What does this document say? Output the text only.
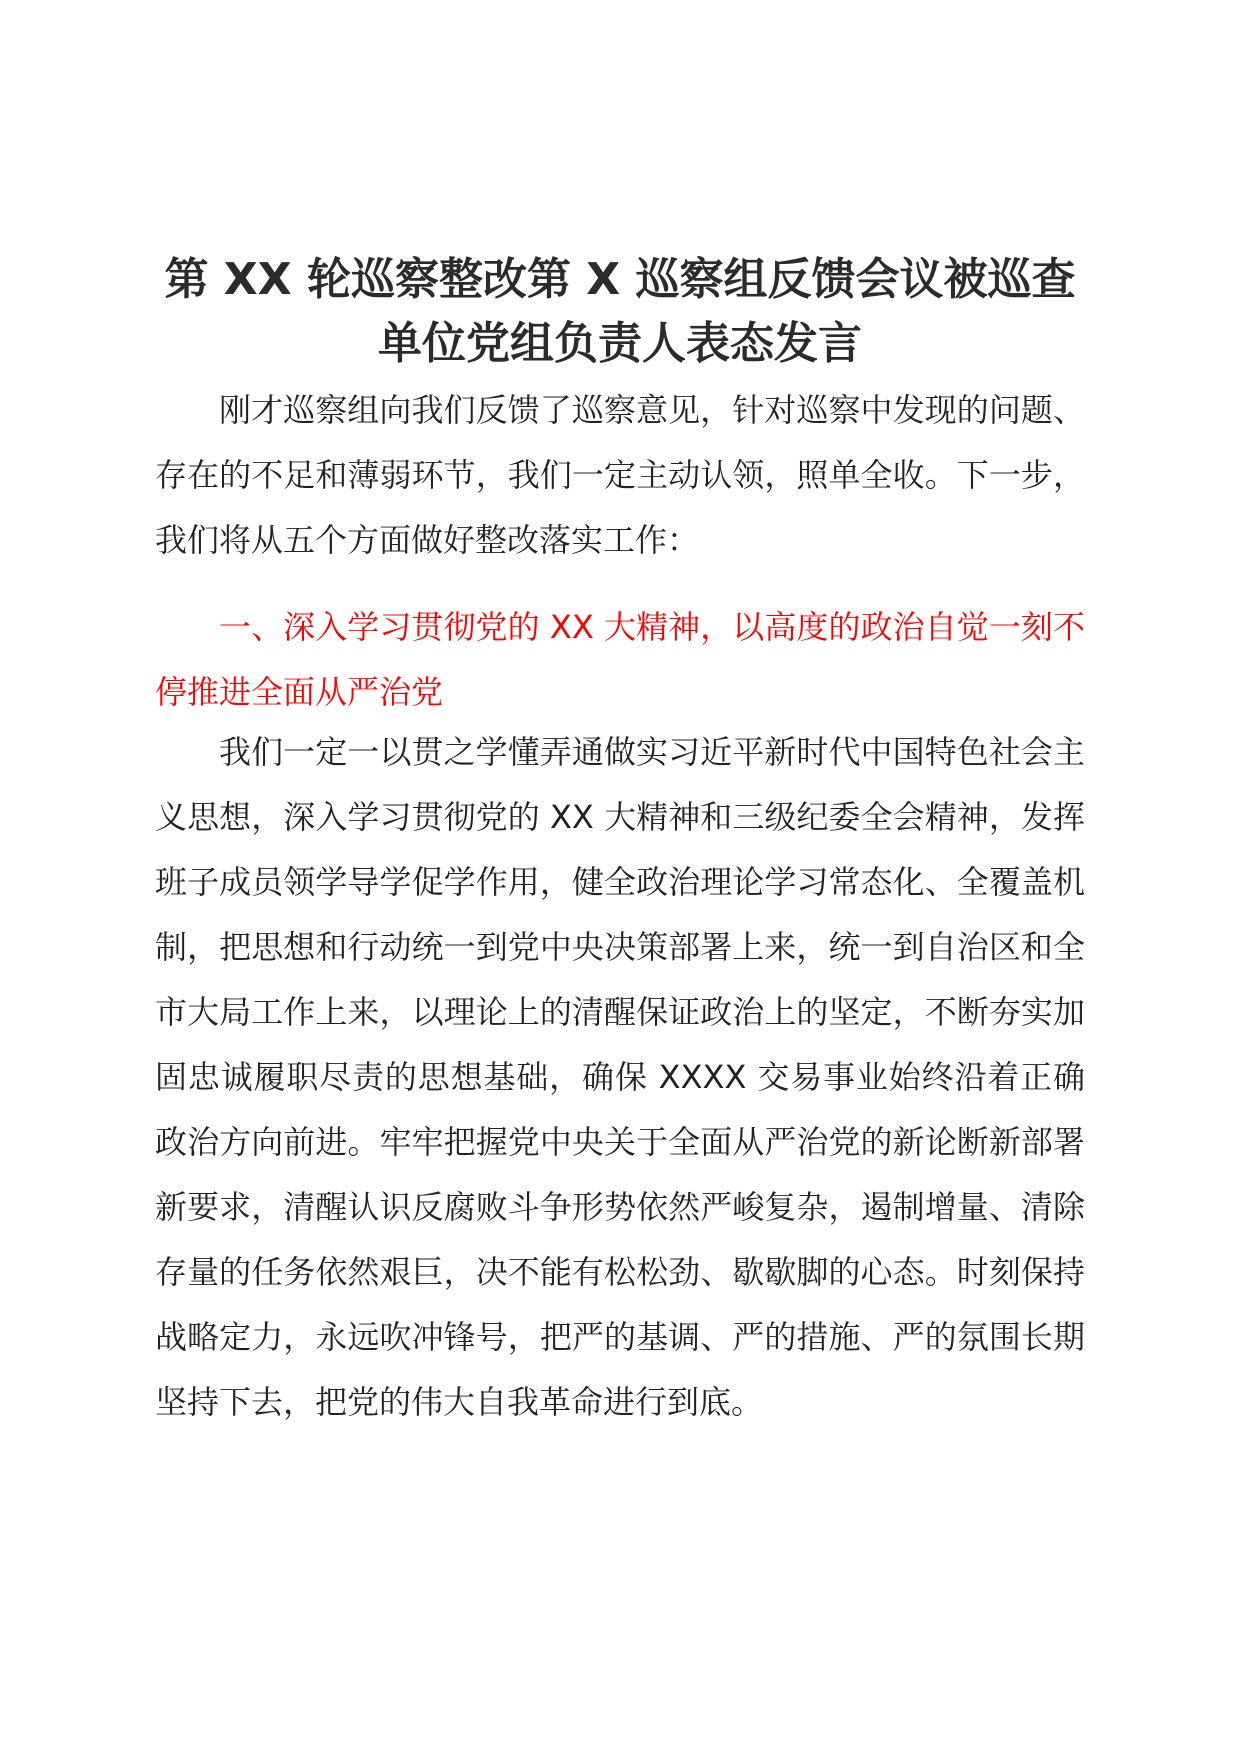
第 XX 轮巡察整改第 X 巡察组反馈会议被巡查单位党组负责人表态发言

刚才巡察组向我们反馈了巡察意见，针对巡察中发现的问题、存在的不足和薄弱环节，我们一定主动认领，照单全收。下一步，我们将从五个方面做好整改落实工作：

一、深入学习贯彻党的 XX 大精神，以高度的政治自觉一刻不停推进全面从严治党

我们一定一以贯之学懂弄通做实习近平新时代中国特色社会主义思想，深入学习贯彻党的 XX 大精神和三级纪委全会精神，发挥班子成员领学导学促学作用，健全政治理论学习常态化、全覆盖机制，把思想和行动统一到党中央决策部署上来，统一到自治区和全市大局工作上来，以理论上的清醒保证政治上的坚定，不断夯实加固忠诚履职尽责的思想基础，确保 XXXX 交易事业始终沿着正确政治方向前进。牢牢把握党中央关于全面从严治党的新论断新部署新要求，清醒认识反腐败斗争形势依然严峻复杂，遏制增量、清除存量的任务依然艰巨，决不能有松松劲、歇歇脚的心态。时刻保持战略定力，永远吹冲锋号，把严的基调、严的措施、严的氛围长期坚持下去，把党的伟大自我革命进行到底。
